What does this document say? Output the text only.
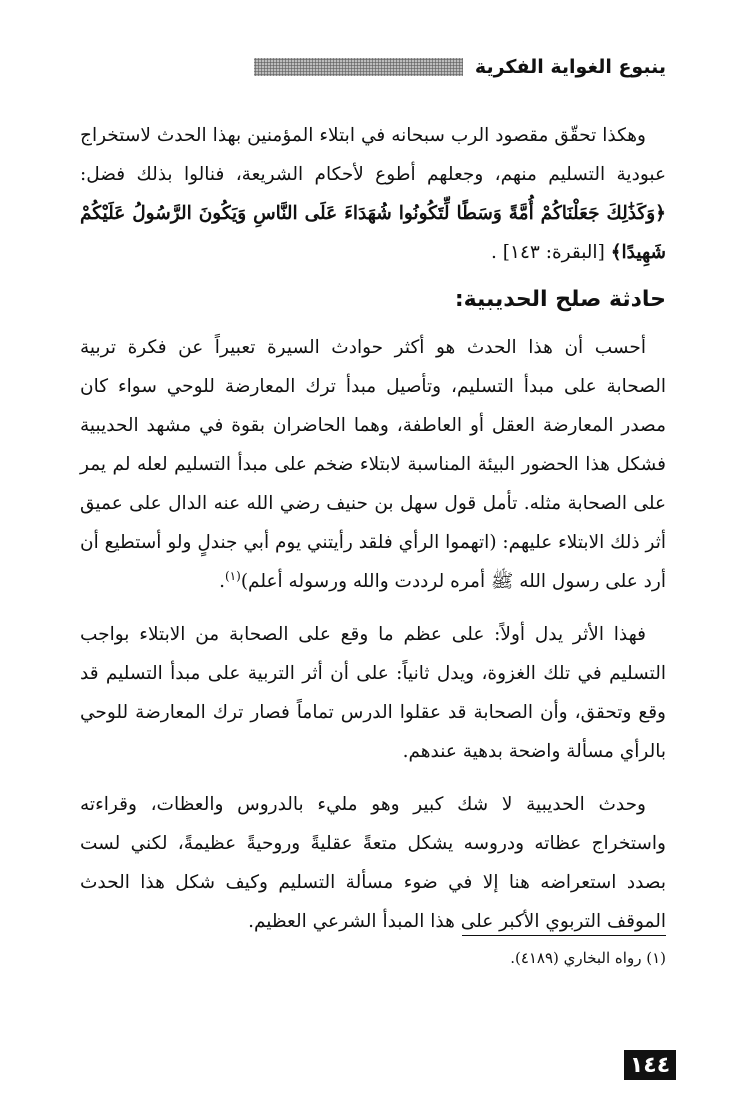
ينبوع الغواية الفكرية

وهكذا تحقّق مقصود الرب سبحانه في ابتلاء المؤمنين بهذا الحدث لاستخراج عبودية التسليم منهم، وجعلهم أطوع لأحكام الشريعة، فنالوا بذلك فضل: ﴿وَكَذَٰلِكَ جَعَلْنَاكُمْ أُمَّةً وَسَطًا لِّتَكُونُوا شُهَدَاءَ عَلَى النَّاسِ وَيَكُونَ الرَّسُولُ عَلَيْكُمْ شَهِيدًا﴾ [البقرة: ١٤٣] .

حادثة صلح الحديبية:

أحسب أن هذا الحدث هو أكثر حوادث السيرة تعبيراً عن فكرة تربية الصحابة على مبدأ التسليم، وتأصيل مبدأ ترك المعارضة للوحي سواء كان مصدر المعارضة العقل أو العاطفة، وهما الحاضران بقوة في مشهد الحديبية فشكل هذا الحضور البيئة المناسبة لابتلاء ضخم على مبدأ التسليم لعله لم يمر على الصحابة مثله. تأمل قول سهل بن حنيف رضي الله عنه الدال على عميق أثر ذلك الابتلاء عليهم: (اتهموا الرأي فلقد رأيتني يوم أبي جندلٍ ولو أستطيع أن أرد على رسول الله ﷺ أمره لرددت والله ورسوله أعلم)$^{(١)}$.

فهذا الأثر يدل أولاً: على عظم ما وقع على الصحابة من الابتلاء بواجب التسليم في تلك الغزوة، ويدل ثانياً: على أن أثر التربية على مبدأ التسليم قد وقع وتحقق، وأن الصحابة قد عقلوا الدرس تماماً فصار ترك المعارضة للوحي بالرأي مسألة واضحة بدهية عندهم.

وحدث الحديبية لا شك كبير وهو مليء بالدروس والعظات، وقراءته واستخراج عظاته ودروسه يشكل متعةً عقليةً وروحيةً عظيمةً، لكني لست بصدد استعراضه هنا إلا في ضوء مسألة التسليم وكيف شكل هذا الحدث الموقف التربوي الأكبر على هذا المبدأ الشرعي العظيم.

(١) رواه البخاري (٤١٨٩).
١٤٤
